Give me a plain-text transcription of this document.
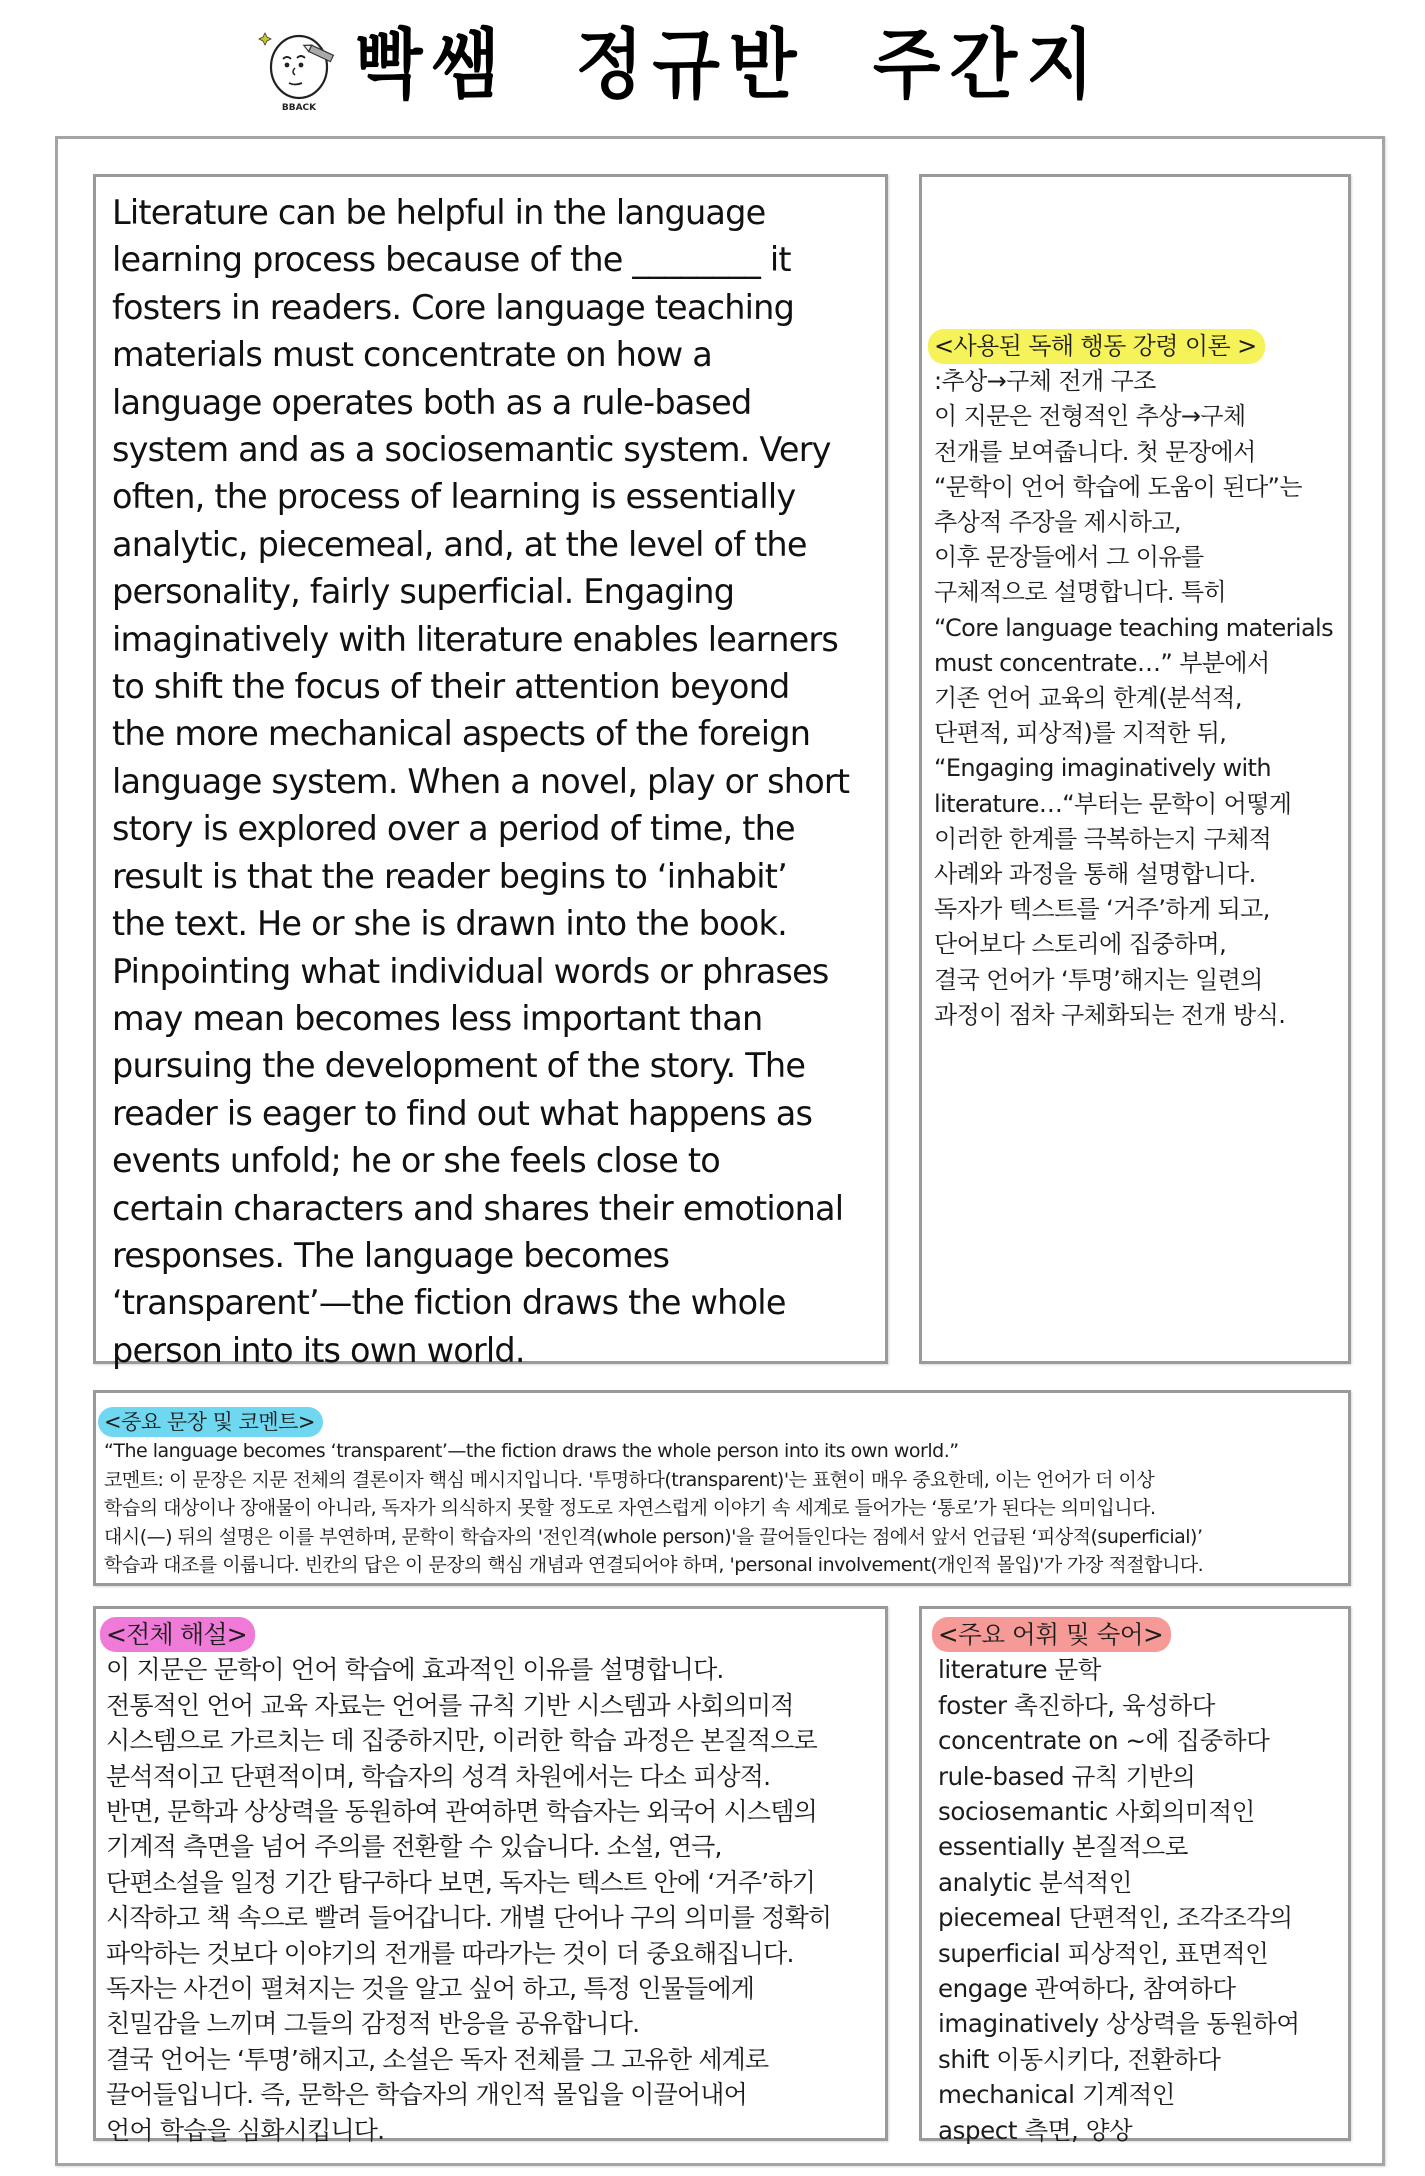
BBACK 빡쌤  정규반  주간지

Literature can be helpful in the language

learning process because of the ________ it

fosters in readers. Core language teaching

materials must concentrate on how a

language operates both as a rule-based

system and as a sociosemantic system. Very

often, the process of learning is essentially

analytic, piecemeal, and, at the level of the

personality, fairly superficial. Engaging

imaginatively with literature enables learners

to shift the focus of their attention beyond

the more mechanical aspects of the foreign

language system. When a novel, play or short

story is explored over a period of time, the

result is that the reader begins to ‘inhabit’

the text. He or she is drawn into the book.

Pinpointing what individual words or phrases

may mean becomes less important than

pursuing the development of the story. The

reader is eager to find out what happens as

events unfold; he or she feels close to

certain characters and shares their emotional

responses. The language becomes

‘transparent’—the fiction draws the whole

person into its own world.

<사용된 독해 행동 강령 이론 >
:추상→구체 전개 구조
이 지문은 전형적인 추상→구체
전개를 보여줍니다. 첫 문장에서
“문학이 언어 학습에 도움이 된다”는
추상적 주장을 제시하고,
이후 문장들에서 그 이유를
구체적으로 설명합니다. 특히
“Core language teaching materials
must concentrate…” 부분에서
기존 언어 교육의 한계(분석적,
단편적, 피상적)를 지적한 뒤,
“Engaging imaginatively with
literature…“부터는 문학이 어떻게
이러한 한계를 극복하는지 구체적
사례와 과정을 통해 설명합니다.
독자가 텍스트를 ‘거주’하게 되고,
단어보다 스토리에 집중하며,
결국 언어가 ‘투명’해지는 일련의
과정이 점차 구체화되는 전개 방식.
<중요 문장 및 코멘트>
“The language becomes ‘transparent’—the fiction draws the whole person into its own world.”
코멘트: 이 문장은 지문 전체의 결론이자 핵심 메시지입니다. '투명하다(transparent)'는 표현이 매우 중요한데, 이는 언어가 더 이상
학습의 대상이나 장애물이 아니라, 독자가 의식하지 못할 정도로 자연스럽게 이야기 속 세계로 들어가는 ‘통로’가 된다는 의미입니다.
대시(—) 뒤의 설명은 이를 부연하며, 문학이 학습자의 '전인격(whole person)'을 끌어들인다는 점에서 앞서 언급된 ‘피상적(superficial)’
학습과 대조를 이룹니다. 빈칸의 답은 이 문장의 핵심 개념과 연결되어야 하며, 'personal involvement(개인적 몰입)'가 가장 적절합니다.
<전체 해설>
이 지문은 문학이 언어 학습에 효과적인 이유를 설명합니다.
전통적인 언어 교육 자료는 언어를 규칙 기반 시스템과 사회의미적
시스템으로 가르치는 데 집중하지만, 이러한 학습 과정은 본질적으로
분석적이고 단편적이며, 학습자의 성격 차원에서는 다소 피상적.
반면, 문학과 상상력을 동원하여 관여하면 학습자는 외국어 시스템의
기계적 측면을 넘어 주의를 전환할 수 있습니다. 소설, 연극,
단편소설을 일정 기간 탐구하다 보면, 독자는 텍스트 안에 ‘거주’하기
시작하고 책 속으로 빨려 들어갑니다. 개별 단어나 구의 의미를 정확히
파악하는 것보다 이야기의 전개를 따라가는 것이 더 중요해집니다.
독자는 사건이 펼쳐지는 것을 알고 싶어 하고, 특정 인물들에게
친밀감을 느끼며 그들의 감정적 반응을 공유합니다.
결국 언어는 ‘투명’해지고, 소설은 독자 전체를 그 고유한 세계로
끌어들입니다. 즉, 문학은 학습자의 개인적 몰입을 이끌어내어
언어 학습을 심화시킵니다.
<주요 어휘 및 숙어>
literature 문학
foster 촉진하다, 육성하다
concentrate on ~에 집중하다
rule-based 규칙 기반의
sociosemantic 사회의미적인
essentially 본질적으로
analytic 분석적인
piecemeal 단편적인, 조각조각의
superficial 피상적인, 표면적인
engage 관여하다, 참여하다
imaginatively 상상력을 동원하여
shift 이동시키다, 전환하다
mechanical 기계적인
aspect 측면, 양상
